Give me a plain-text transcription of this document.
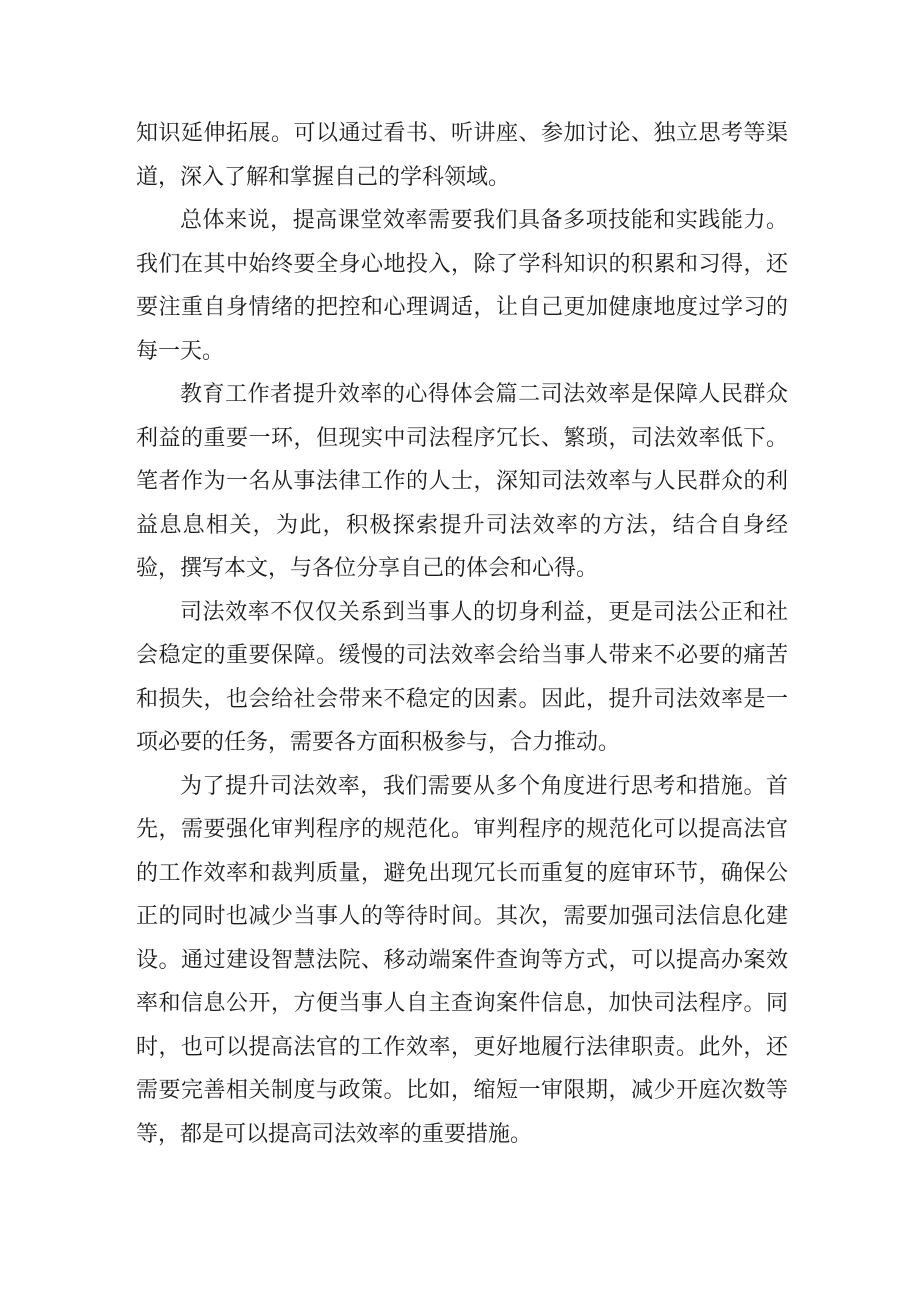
知识延伸拓展。可以通过看书、听讲座、参加讨论、独立思考等渠道，深入了解和掌握自己的学科领域。

总体来说，提高课堂效率需要我们具备多项技能和实践能力。我们在其中始终要全身心地投入，除了学科知识的积累和习得，还要注重自身情绪的把控和心理调适，让自己更加健康地度过学习的每一天。

教育工作者提升效率的心得体会篇二司法效率是保障人民群众利益的重要一环，但现实中司法程序冗长、繁琐，司法效率低下。笔者作为一名从事法律工作的人士，深知司法效率与人民群众的利益息息相关，为此，积极探索提升司法效率的方法，结合自身经验，撰写本文，与各位分享自己的体会和心得。

司法效率不仅仅关系到当事人的切身利益，更是司法公正和社会稳定的重要保障。缓慢的司法效率会给当事人带来不必要的痛苦和损失，也会给社会带来不稳定的因素。因此，提升司法效率是一项必要的任务，需要各方面积极参与，合力推动。

为了提升司法效率，我们需要从多个角度进行思考和措施。首先，需要强化审判程序的规范化。审判程序的规范化可以提高法官的工作效率和裁判质量，避免出现冗长而重复的庭审环节，确保公正的同时也减少当事人的等待时间。其次，需要加强司法信息化建设。通过建设智慧法院、移动端案件查询等方式，可以提高办案效率和信息公开，方便当事人自主查询案件信息，加快司法程序。同时，也可以提高法官的工作效率，更好地履行法律职责。此外，还需要完善相关制度与政策。比如，缩短一审限期，减少开庭次数等等，都是可以提高司法效率的重要措施。
